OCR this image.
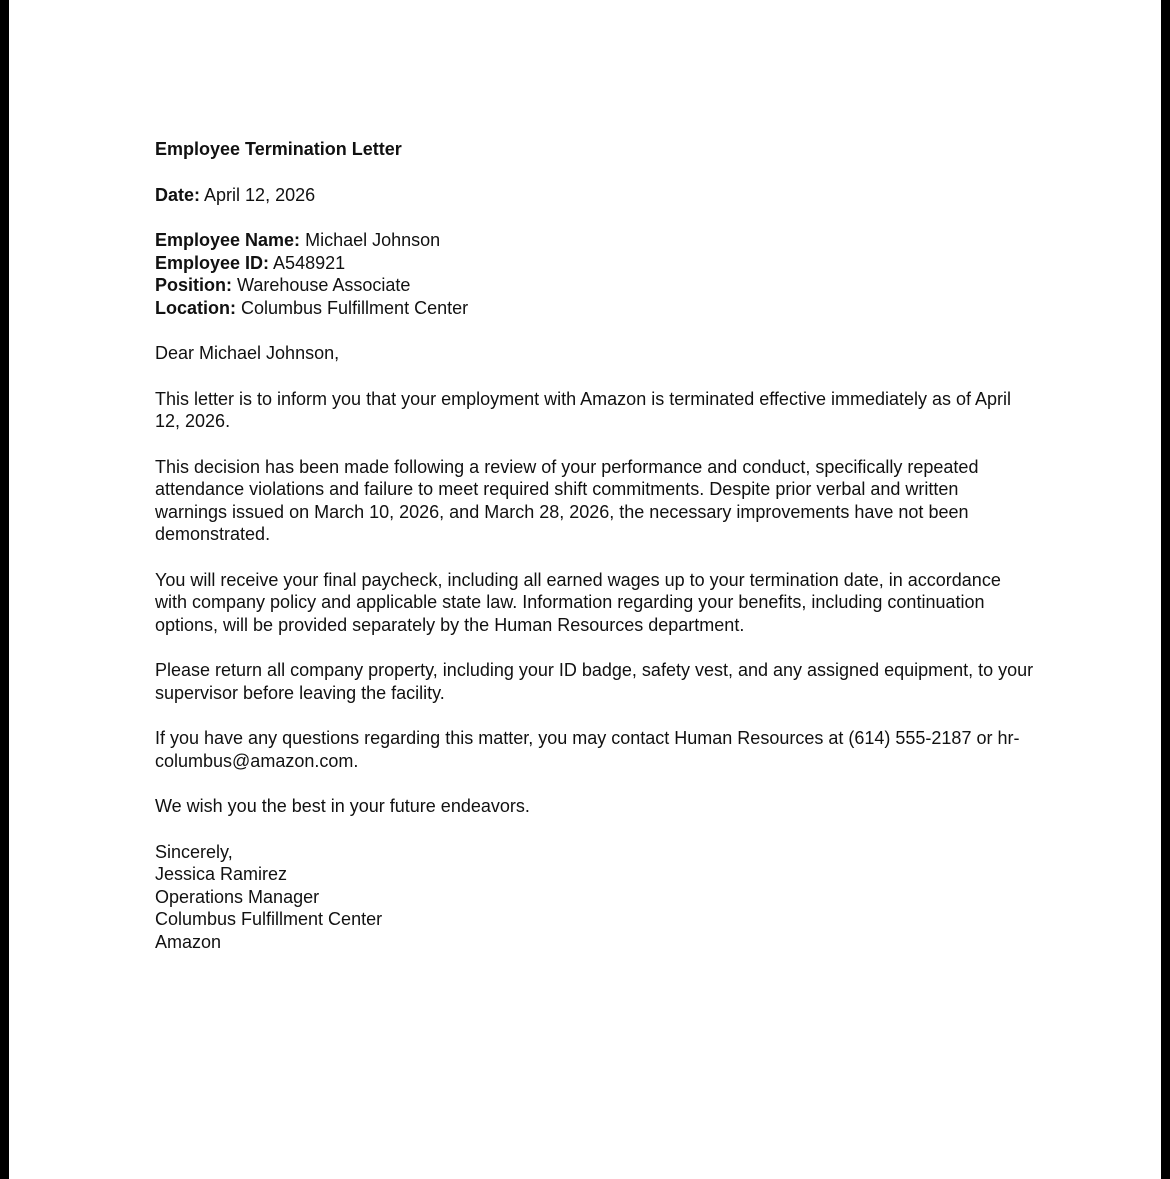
Employee Termination Letter

Date: April 12, 2026

Employee Name: Michael Johnson
Employee ID: A548921
Position: Warehouse Associate
Location: Columbus Fulfillment Center

Dear Michael Johnson,

This letter is to inform you that your employment with Amazon is terminated effective immediately as of April 12, 2026.

This decision has been made following a review of your performance and conduct, specifically repeated attendance violations and failure to meet required shift commitments. Despite prior verbal and written warnings issued on March 10, 2026, and March 28, 2026, the necessary improvements have not been demonstrated.

You will receive your final paycheck, including all earned wages up to your termination date, in accordance with company policy and applicable state law. Information regarding your benefits, including continuation options, will be provided separately by the Human Resources department.

Please return all company property, including your ID badge, safety vest, and any assigned equipment, to your supervisor before leaving the facility.

If you have any questions regarding this matter, you may contact Human Resources at (614) 555-2187 or hr-columbus@amazon.com.

We wish you the best in your future endeavors.

Sincerely,
Jessica Ramirez
Operations Manager
Columbus Fulfillment Center
Amazon
